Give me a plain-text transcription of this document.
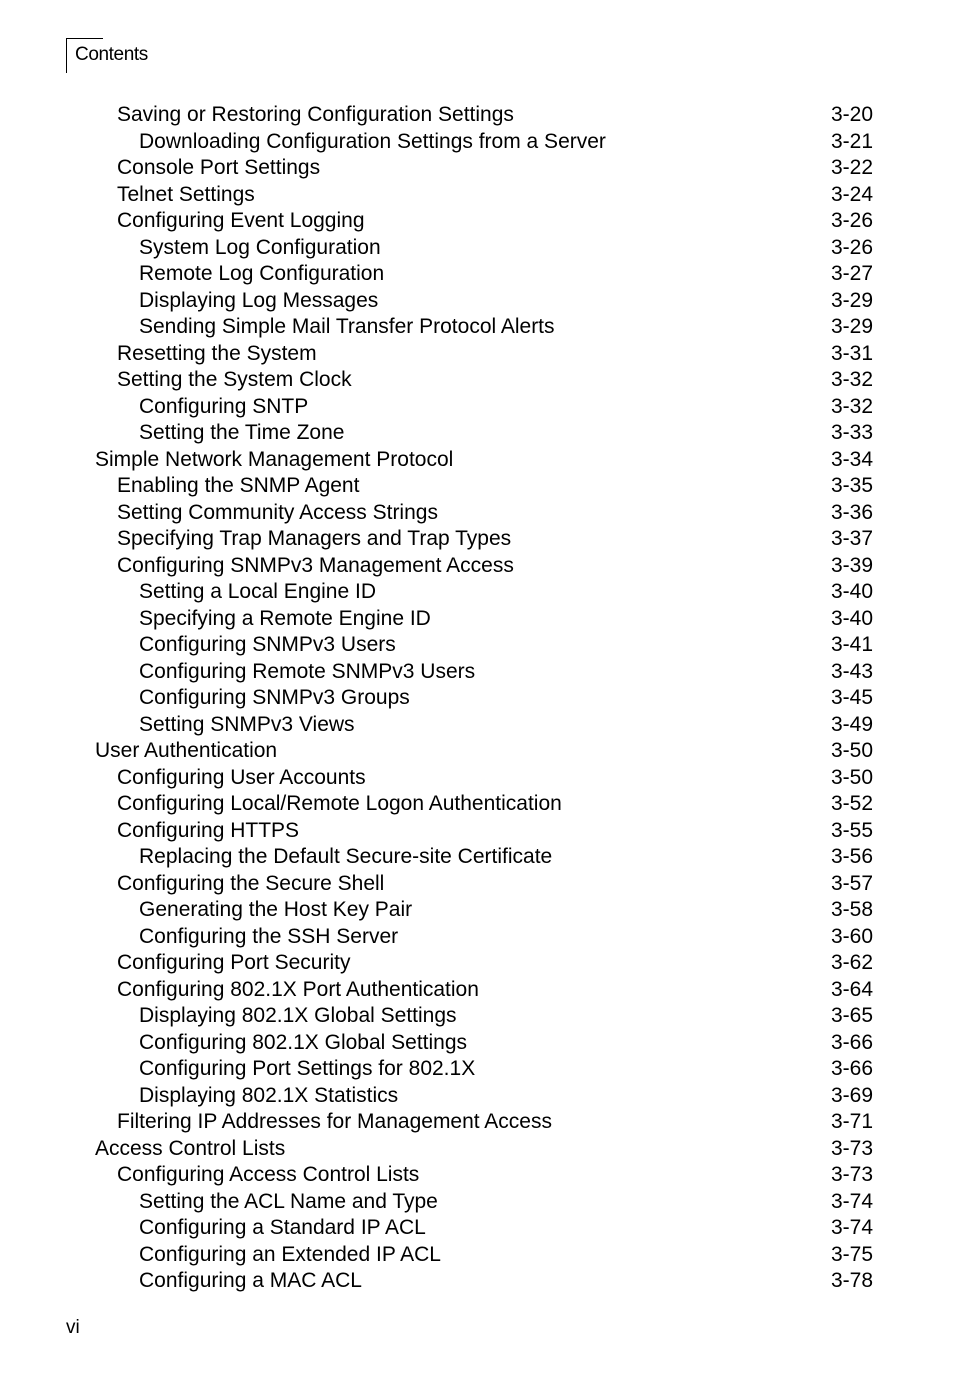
Contents
Saving or Restoring Configuration Settings	3-20
Downloading Configuration Settings from a Server	3-21
Console Port Settings	3-22
Telnet Settings	3-24
Configuring Event Logging	3-26
System Log Configuration	3-26
Remote Log Configuration	3-27
Displaying Log Messages	3-29
Sending Simple Mail Transfer Protocol Alerts	3-29
Resetting the System	3-31
Setting the System Clock	3-32
Configuring SNTP	3-32
Setting the Time Zone	3-33
Simple Network Management Protocol	3-34
Enabling the SNMP Agent	3-35
Setting Community Access Strings	3-36
Specifying Trap Managers and Trap Types	3-37
Configuring SNMPv3 Management Access	3-39
Setting a Local Engine ID	3-40
Specifying a Remote Engine ID	3-40
Configuring SNMPv3 Users	3-41
Configuring Remote SNMPv3 Users	3-43
Configuring SNMPv3 Groups	3-45
Setting SNMPv3 Views	3-49
User Authentication	3-50
Configuring User Accounts	3-50
Configuring Local/Remote Logon Authentication	3-52
Configuring HTTPS	3-55
Replacing the Default Secure-site Certificate	3-56
Configuring the Secure Shell	3-57
Generating the Host Key Pair	3-58
Configuring the SSH Server	3-60
Configuring Port Security	3-62
Configuring 802.1X Port Authentication	3-64
Displaying 802.1X Global Settings	3-65
Configuring 802.1X Global Settings	3-66
Configuring Port Settings for 802.1X	3-66
Displaying 802.1X Statistics	3-69
Filtering IP Addresses for Management Access	3-71
Access Control Lists	3-73
Configuring Access Control Lists	3-73
Setting the ACL Name and Type	3-74
Configuring a Standard IP ACL	3-74
Configuring an Extended IP ACL	3-75
Configuring a MAC ACL	3-78
vi
